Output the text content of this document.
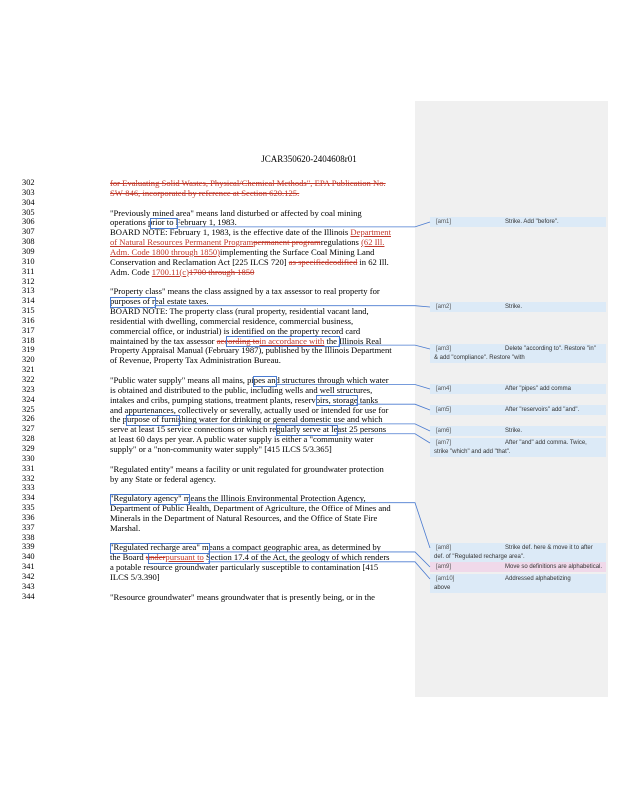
JCAR350620-2404608r01
302	for Evaluating Solid Wastes, Physical/Chemical Methods", EPA Publication No.
303	SW-846, incorporated by reference at Section 620.125.
304
305	"Previously mined area" means land disturbed or affected by coal mining
306	operations prior to February 1, 1983.
307	BOARD NOTE: February 1, 1983, is the effective date of the Illinois Department
308	of Natural Resources Permanent Programpermanent programregulations (62 Ill.
309	Adm. Code 1800 through 1850)implementing the Surface Coal Mining Land
310	Conservation and Reclamation Act [225 ILCS 720] as specifiedcodified in 62 Ill.
311	Adm. Code 1700.11(c)1700 through 1850
312
313	"Property class" means the class assigned by a tax assessor to real property for
314	purposes of real estate taxes.
315	BOARD NOTE: The property class (rural property, residential vacant land,
316	residential with dwelling, commercial residence, commercial business,
317	commercial office, or industrial) is identified on the property record card
318	maintained by the tax assessor according toin accordance with the Illinois Real
319	Property Appraisal Manual (February 1987), published by the Illinois Department
320	of Revenue, Property Tax Administration Bureau.
321
322	"Public water supply" means all mains, pipes and structures through which water
323	is obtained and distributed to the public, including wells and well structures,
324	intakes and cribs, pumping stations, treatment plants, reservoirs, storage tanks
325	and appurtenances, collectively or severally, actually used or intended for use for
326	the purpose of furnishing water for drinking or general domestic use and which
327	serve at least 15 service connections or which regularly serve at least 25 persons
328	at least 60 days per year. A public water supply is either a "community water
329	supply" or a "non-community water supply" [415 ILCS 5/3.365]
330
331	"Regulated entity" means a facility or unit regulated for groundwater protection
332	by any State or federal agency.
333
334	"Regulatory agency" means the Illinois Environmental Protection Agency,
335	Department of Public Health, Department of Agriculture, the Office of Mines and
336	Minerals in the Department of Natural Resources, and the Office of State Fire
337	Marshal.
338
339	"Regulated recharge area" means a compact geographic area, as determined by
340	the Board underpursuant to Section 17.4 of the Act, the geology of which renders
341	a potable resource groundwater particularly susceptible to contamination [415
342	ILCS 5/3.390]
343
344	"Resource groundwater" means groundwater that is presently being, or in the
[am1]	Strike. Add "before".
[am2]	Strike.
[am3]	Delete "according to". Restore "in"
& add "compliance". Restore "with
[am4]	After "pipes" add comma
[am5]	After "reservoirs" add "and".
[am6]	Strike.
[am7]	After "and" add comma. Twice,
strike "which" and add "that".
[am8]	Strike def. here & move it to after
def. of "Regulated recharge area".
[am9]	Move so definitions are alphabetical.
[am10]	Addressed alphabetizing
above
